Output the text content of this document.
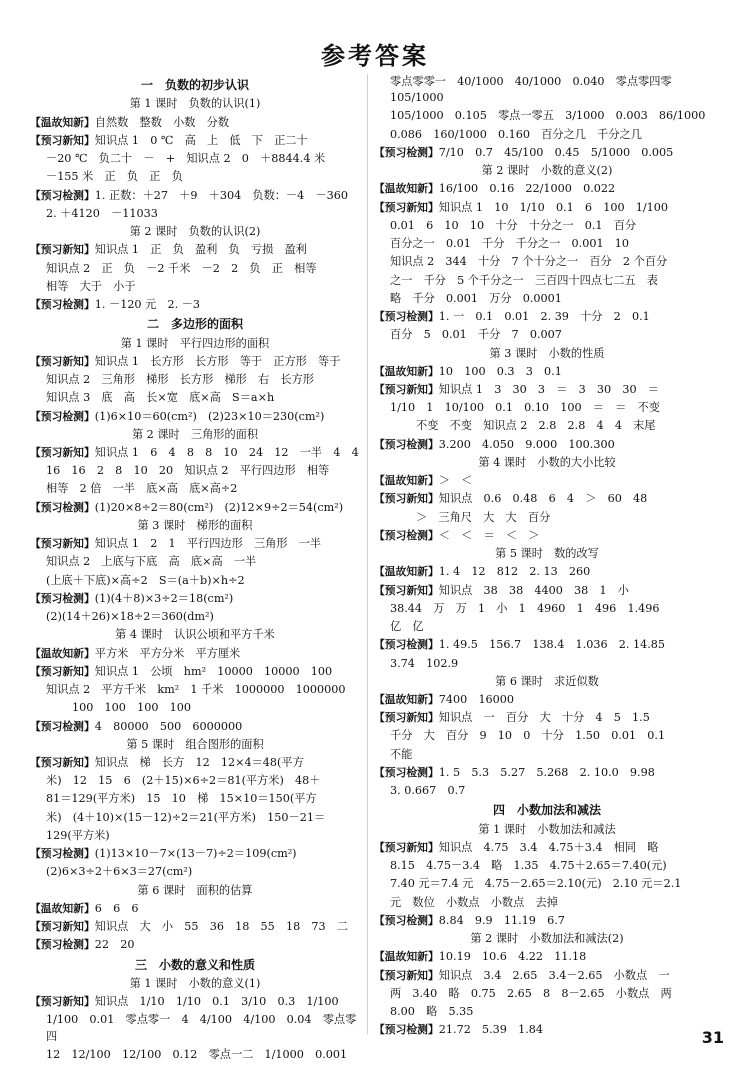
参考答案
一　负数的初步认识
第 1 课时　负数的认识(1)
【温故知新】自然数　整数　小数　分数
【预习新知】知识点 1　0 ℃　高　上　低　下　正二十
－20 ℃　负二十　－　+　知识点 2　0　＋8844.4 米
－155 米　正　负　正　负
【预习检测】1. 正数：＋27　＋9　＋304　负数：－4　－360
2. ＋4120　－11033
第 2 课时　负数的认识(2)
【预习新知】知识点 1　正　负　盈利　负　亏损　盈利
知识点 2　正　负　－2 千米　－2　2　负　正　相等
相等　大于　小于
【预习检测】1. －120 元　2. －3
二　多边形的面积
第 1 课时　平行四边形的面积
【预习新知】知识点 1　长方形　长方形　等于　正方形　等于
知识点 2　三角形　梯形　长方形　梯形　右　长方形
知识点 3　底　高　长×宽　底×高　S＝a×h
【预习检测】(1)6×10＝60(cm²)　(2)23×10＝230(cm²)
第 2 课时　三角形的面积
【预习新知】知识点 1　6　4　8　8　10　24　12　一半　4　4
16　16　2　8　10　20　知识点 2　平行四边形　相等
相等　2 倍　一半　底×高　底×高÷2
【预习检测】(1)20×8÷2＝80(cm²)　(2)12×9÷2＝54(cm²)
第 3 课时　梯形的面积
【预习新知】知识点 1　2　1　平行四边形　三角形　一半
知识点 2　上底与下底　高　底×高　一半
(上底＋下底)×高÷2　S＝(a＋b)×h÷2
【预习检测】(1)(4＋8)×3÷2＝18(cm²)
(2)(14＋26)×18÷2＝360(dm²)
第 4 课时　认识公顷和平方千米
【温故知新】平方米　平方分米　平方厘米
【预习新知】知识点 1　公顷　hm²　10000　10000　100
知识点 2　平方千米　km²　1 千米　1000000　1000000
100　100　100　100
【预习检测】4　80000　500　6000000
第 5 课时　组合图形的面积
【预习新知】知识点　梯　长方　12　12×4＝48(平方
米)　12　15　6　(2＋15)×6÷2＝81(平方米)　48＋
81＝129(平方米)　15　10　梯　15×10＝150(平方
米)　(4＋10)×(15－12)÷2＝21(平方米)　150－21＝
129(平方米)
【预习检测】(1)13×10－7×(13－7)÷2＝109(cm²)
(2)6×3÷2＋6×3＝27(cm²)
第 6 课时　面积的估算
【温故知新】6　6　6
【预习新知】知识点　大　小　55　36　18　55　18　73　二
【预习检测】22　20
三　小数的意义和性质
第 1 课时　小数的意义(1)
【预习新知】知识点　1/10　1/10　0.1　3/10　0.3　1/100
1/100　0.01　零点零一　4　4/100　4/100　0.04　零点零四
12　12/100　12/100　0.12　零点一二　1/1000　0.001
零点零零一　40/1000　40/1000　0.040　零点零四零　105/1000
105/1000　0.105　零点一零五　3/1000　0.003　86/1000
0.086　160/1000　0.160　百分之几　千分之几
【预习检测】7/10　0.7　45/100　0.45　5/1000　0.005
第 2 课时　小数的意义(2)
【温故知新】16/100　0.16　22/1000　0.022
【预习新知】知识点 1　10　1/10　0.1　6　100　1/100
0.01　6　10　10　十分　十分之一　0.1　百分
百分之一　0.01　千分　千分之一　0.001　10
知识点 2　344　十分　7 个十分之一　百分　2 个百分
之一　千分　5 个千分之一　三百四十四点七二五　表
略　千分　0.001　万分　0.0001
【预习检测】1. 一　0.1　0.01　2. 39　十分　2　0.1
百分　5　0.01　千分　7　0.007
第 3 课时　小数的性质
【温故知新】10　100　0.3　3　0.1
【预习新知】知识点 1　3　30　3　＝　3　30　30　＝
1/10　1　10/100　0.1　0.10　100　＝　＝　不变
不变　不变　知识点 2　2.8　2.8　4　4　末尾
【预习检测】3.200　4.050　9.000　100.300
第 4 课时　小数的大小比较
【温故知新】＞　＜
【预习新知】知识点　0.6　0.48　6　4　＞　60　48
＞　三角尺　大　大　百分
【预习检测】＜　＜　＝　＜　＞
第 5 课时　数的改写
【温故知新】1. 4　12　812　2. 13　260
【预习新知】知识点　38　38　4400　38　1　小
38.44　万　万　1　小　1　4960　1　496　1.496
亿　亿
【预习检测】1. 49.5　156.7　138.4　1.036　2. 14.85
3.74　102.9
第 6 课时　求近似数
【温故知新】7400　16000
【预习新知】知识点　一　百分　大　十分　4　5　1.5
千分　大　百分　9　10　0　十分　1.50　0.01　0.1
不能
【预习检测】1. 5　5.3　5.27　5.268　2. 10.0　9.98
3. 0.667　0.7
四　小数加法和减法
第 1 课时　小数加法和减法
【预习新知】知识点　4.75　3.4　4.75＋3.4　相同　略
8.15　4.75－3.4　略　1.35　4.75＋2.65＝7.40(元)
7.40 元＝7.4 元　4.75－2.65＝2.10(元)　2.10 元＝2.1
元　数位　小数点　小数点　去掉
【预习检测】8.84　9.9　11.19　6.7
第 2 课时　小数加法和减法(2)
【温故知新】10.19　10.6　4.22　11.18
【预习新知】知识点　3.4　2.65　3.4－2.65　小数点　一
两　3.40　略　0.75　2.65　8　8－2.65　小数点　两
8.00　略　5.35
【预习检测】21.72　5.39　1.84	31
